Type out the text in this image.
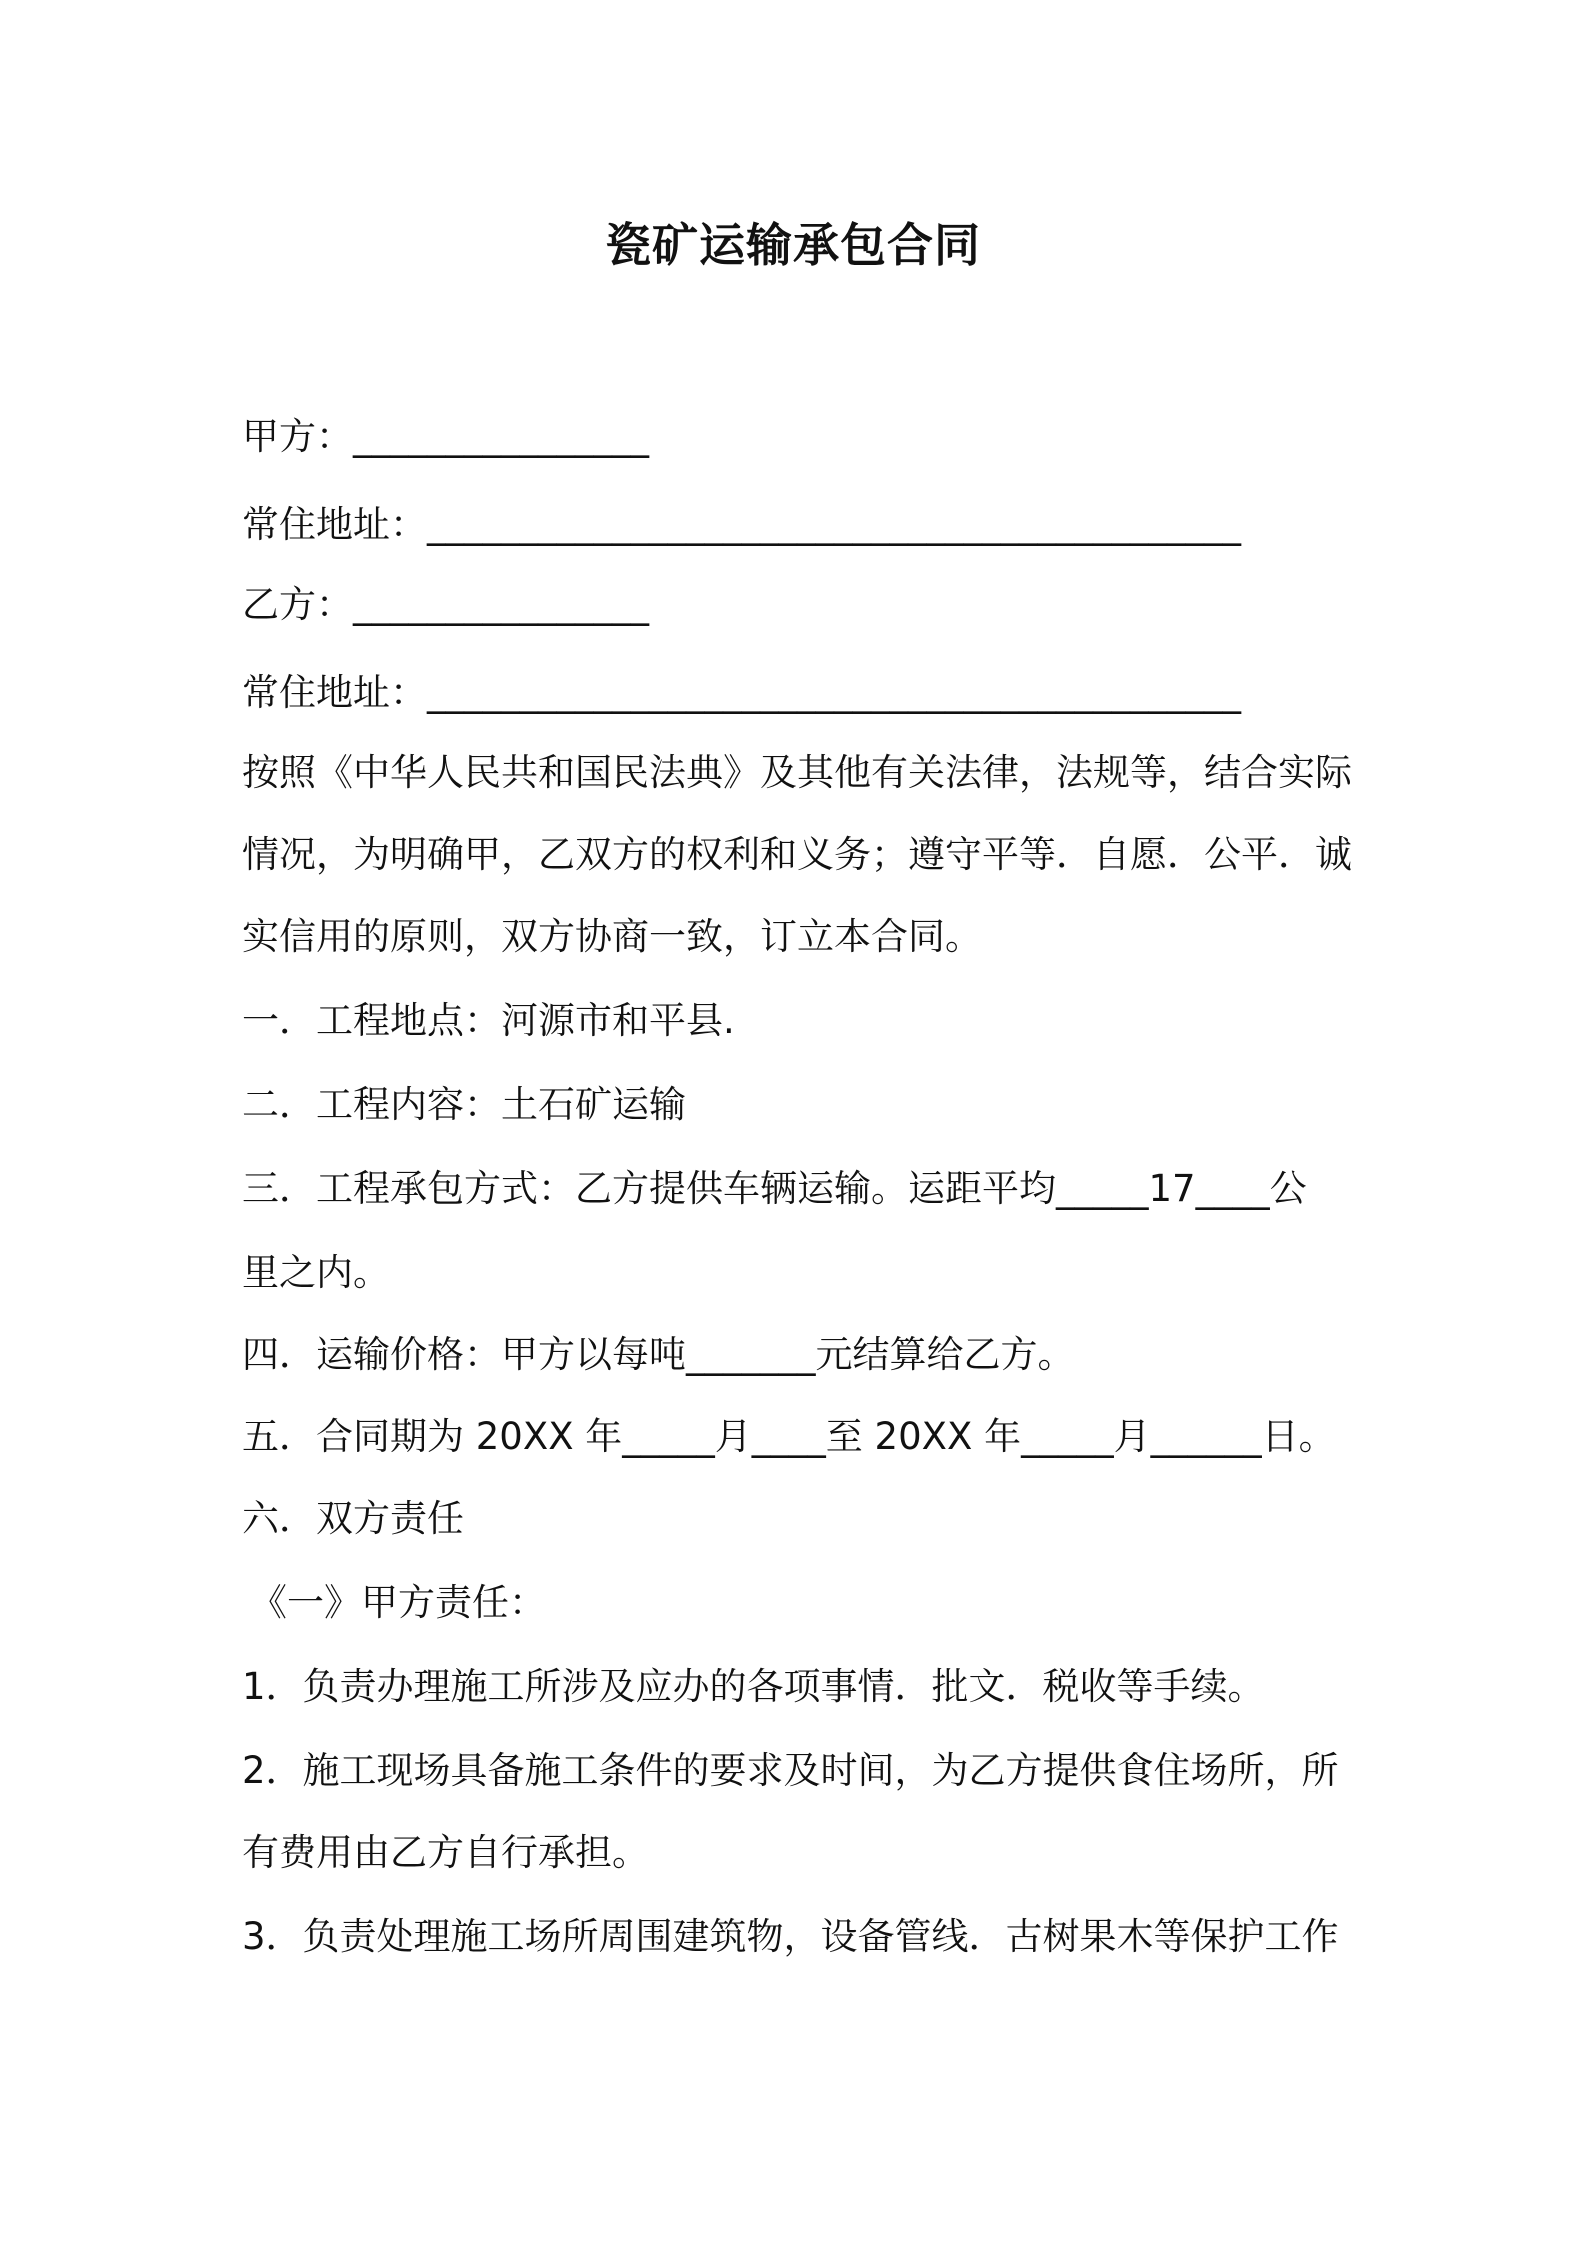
瓷矿运输承包合同
甲方：________________
常住地址：____________________________________________
乙方：________________
常住地址：____________________________________________
按照《中华人民共和国民法典》及其他有关法律，法规等，结合实际
情况，为明确甲，乙双方的权利和义务；遵守平等．自愿．公平．诚
实信用的原则，双方协商一致，订立本合同。
一．工程地点：河源市和平县.
二．工程内容：土石矿运输
三．工程承包方式：乙方提供车辆运输。运距平均_____17____公
里之内。
四．运输价格：甲方以每吨_______元结算给乙方。
五．合同期为 20XX 年_____月____至 20XX 年_____月______日。
六．双方责任
《一》甲方责任：
1．负责办理施工所涉及应办的各项事情．批文．税收等手续。
2．施工现场具备施工条件的要求及时间，为乙方提供食住场所，所
有费用由乙方自行承担。
3．负责处理施工场所周围建筑物，设备管线．古树果木等保护工作
